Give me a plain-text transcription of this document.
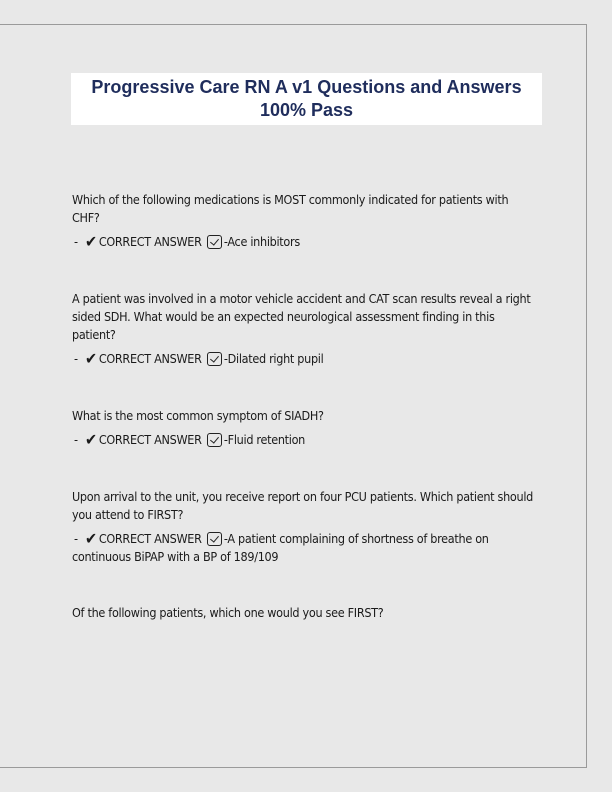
Progressive Care RN A v1 Questions and Answers 100% Pass

Which of the following medications is MOST commonly indicated for patients with CHF?

- ✔ CORRECT ANSWER -Ace inhibitors

A patient was involved in a motor vehicle accident and CAT scan results reveal a right sided SDH. What would be an expected neurological assessment finding in this patient?

- ✔ CORRECT ANSWER -Dilated right pupil

What is the most common symptom of SIADH?

- ✔ CORRECT ANSWER -Fluid retention

Upon arrival to the unit, you receive report on four PCU patients. Which patient should you attend to FIRST?

- ✔ CORRECT ANSWER -A patient complaining of shortness of breathe on continuous BiPAP with a BP of 189/109

Of the following patients, which one would you see FIRST?
